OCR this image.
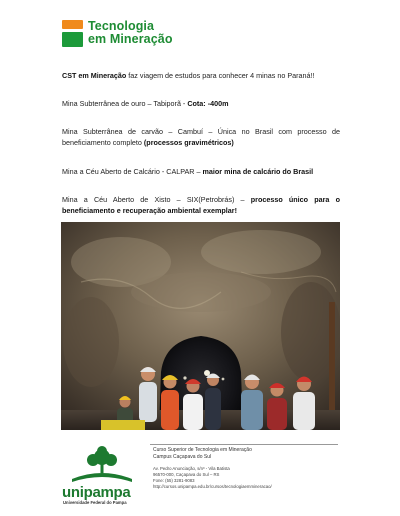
Tecnologia
em Mineração
CST em Mineração faz viagem de estudos para conhecer 4 minas no Paraná!!
Mina Subterrânea de ouro – Tabiporã - Cota: -400m
Mina Subterrânea de carvão – Cambuí – Única no Brasil com processo de beneficiamento completo (processos gravimétricos)
Mina a Céu Aberto de Calcário - CALPAR – maior mina de calcário do Brasil
Mina a Céu Aberto de Xisto – SIX(Petrobrás) – processo único para o beneficiamento e recuperação ambiental exemplar!
unipampa
Universidade Federal do Pampa
Curso Superior de Tecnologia em Mineração
Campus Caçapava do Sul
Av. Pedro Anunciação, s/nº - Vila Batista
96570-000, Caçapava do Sul – RS
Fone: (55) 3281-9083
http://cursos.unipampa.edu.br/cursos/tecnologiaemmineracao/
